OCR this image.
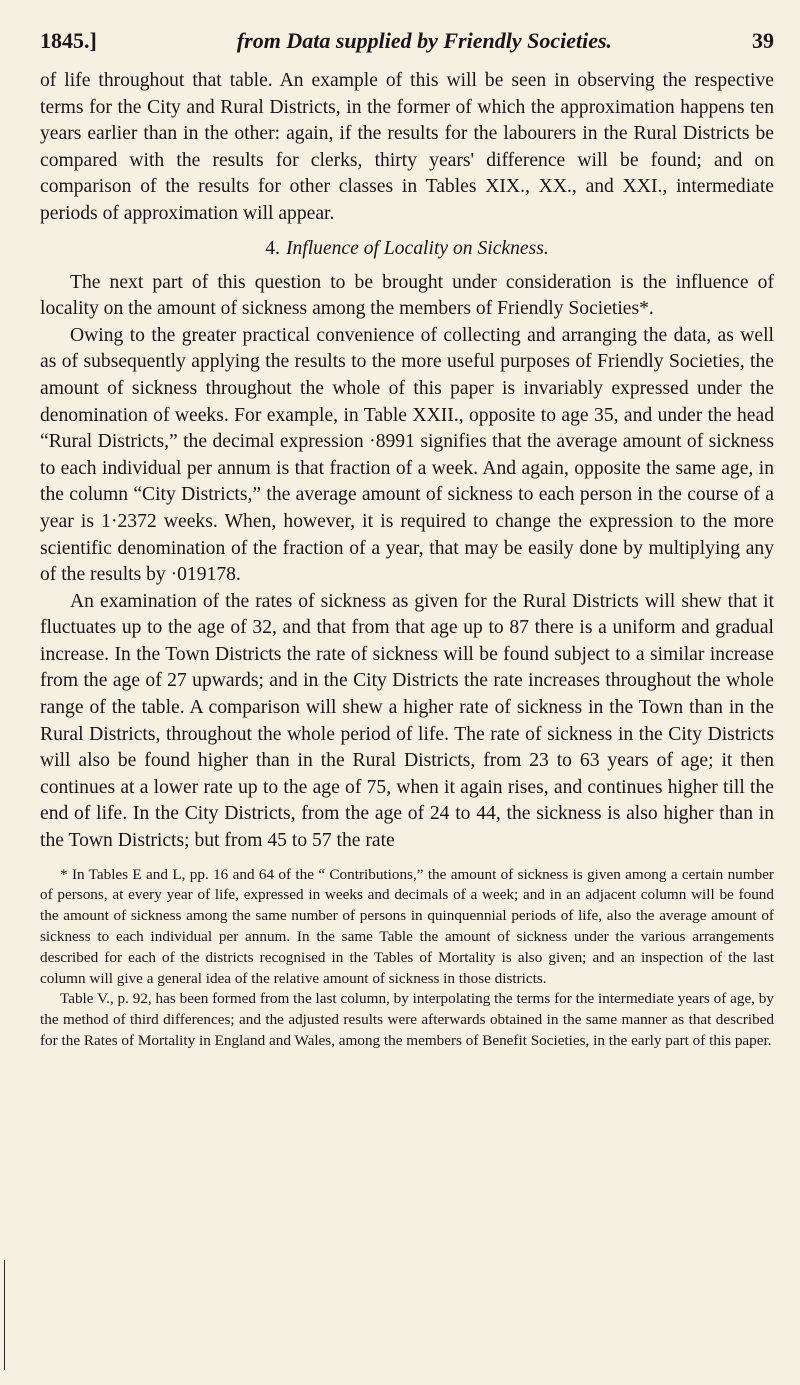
1845.]	from Data supplied by Friendly Societies.	39

of life throughout that table. An example of this will be seen in observing the respective terms for the City and Rural Districts, in the former of which the approximation happens ten years earlier than in the other: again, if the results for the labourers in the Rural Districts be compared with the results for clerks, thirty years' difference will be found; and on comparison of the results for other classes in Tables XIX., XX., and XXI., intermediate periods of approximation will appear.

4. Influence of Locality on Sickness.

The next part of this question to be brought under consideration is the influence of locality on the amount of sickness among the members of Friendly Societies*.

Owing to the greater practical convenience of collecting and arranging the data, as well as of subsequently applying the results to the more useful purposes of Friendly Societies, the amount of sickness throughout the whole of this paper is invariably expressed under the denomination of weeks. For example, in Table XXII., opposite to age 35, and under the head “Rural Districts,” the decimal expression ·8991 signifies that the average amount of sickness to each individual per annum is that fraction of a week. And again, opposite the same age, in the column “City Districts,” the average amount of sickness to each person in the course of a year is 1·2372 weeks. When, however, it is required to change the expression to the more scientific denomination of the fraction of a year, that may be easily done by multiplying any of the results by ·019178.

An examination of the rates of sickness as given for the Rural Districts will shew that it fluctuates up to the age of 32, and that from that age up to 87 there is a uniform and gradual increase. In the Town Districts the rate of sickness will be found subject to a similar increase from the age of 27 upwards; and in the City Districts the rate increases throughout the whole range of the table. A comparison will shew a higher rate of sickness in the Town than in the Rural Districts, throughout the whole period of life. The rate of sickness in the City Districts will also be found higher than in the Rural Districts, from 23 to 63 years of age; it then continues at a lower rate up to the age of 75, when it again rises, and continues higher till the end of life. In the City Districts, from the age of 24 to 44, the sickness is also higher than in the Town Districts; but from 45 to 57 the rate

* In Tables E and L, pp. 16 and 64 of the “ Contributions,” the amount of sickness is given among a certain number of persons, at every year of life, expressed in weeks and decimals of a week; and in an adjacent column will be found the amount of sickness among the same number of persons in quinquennial periods of life, also the average amount of sickness to each individual per annum. In the same Table the amount of sickness under the various arrangements described for each of the districts recognised in the Tables of Mortality is also given; and an inspection of the last column will give a general idea of the relative amount of sickness in those districts.

Table V., p. 92, has been formed from the last column, by interpolating the terms for the intermediate years of age, by the method of third differences; and the adjusted results were afterwards obtained in the same manner as that described for the Rates of Mortality in England and Wales, among the members of Benefit Societies, in the early part of this paper.
